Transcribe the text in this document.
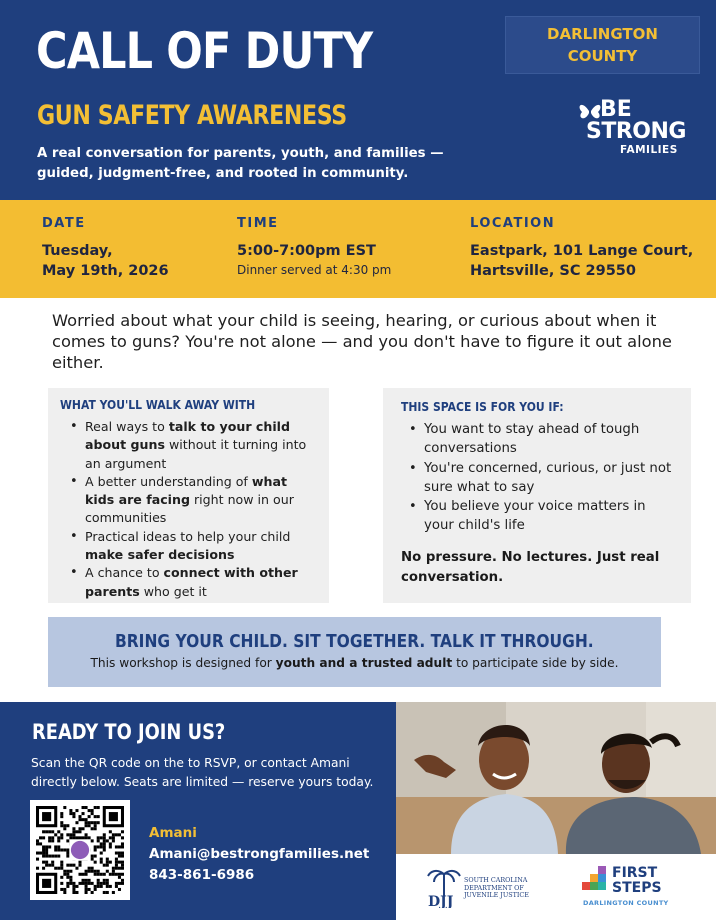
CALL OF DUTY
GUN SAFETY AWARENESS
A real conversation for parents, youth, and families — guided, judgment-free, and rooted in community.
DARLINGTON
COUNTY
BE
STRONG
FAMILIES
DATE
Tuesday,
May 19th, 2026
TIME
5:00-7:00pm EST
Dinner served at 4:30 pm
LOCATION
Eastpark, 101 Lange Court,
Hartsville, SC 29550
Worried about what your child is seeing, hearing, or curious about when it comes to guns? You're not alone — and you don't have to figure it out alone either.
WHAT YOU'LL WALK AWAY WITH
• Real ways to talk to your child about guns without it turning into an argument
• A better understanding of what kids are facing right now in our communities
• Practical ideas to help your child make safer decisions
• A chance to connect with other parents who get it
THIS SPACE IS FOR YOU IF:
• You want to stay ahead of tough conversations
• You're concerned, curious, or just not sure what to say
• You believe your voice matters in your child's life
No pressure. No lectures. Just real conversation.
BRING YOUR CHILD. SIT TOGETHER. TALK IT THROUGH.
This workshop is designed for youth and a trusted adult to participate side by side.
READY TO JOIN US?
Scan the QR code on the to RSVP, or contact Amani directly below. Seats are limited — reserve yours today.
Amani
Amani@bestrongfamilies.net
843-861-6986
DJJ
SOUTH CAROLINA
DEPARTMENT OF
JUVENILE JUSTICE
FIRST
STEPS
DARLINGTON COUNTY
